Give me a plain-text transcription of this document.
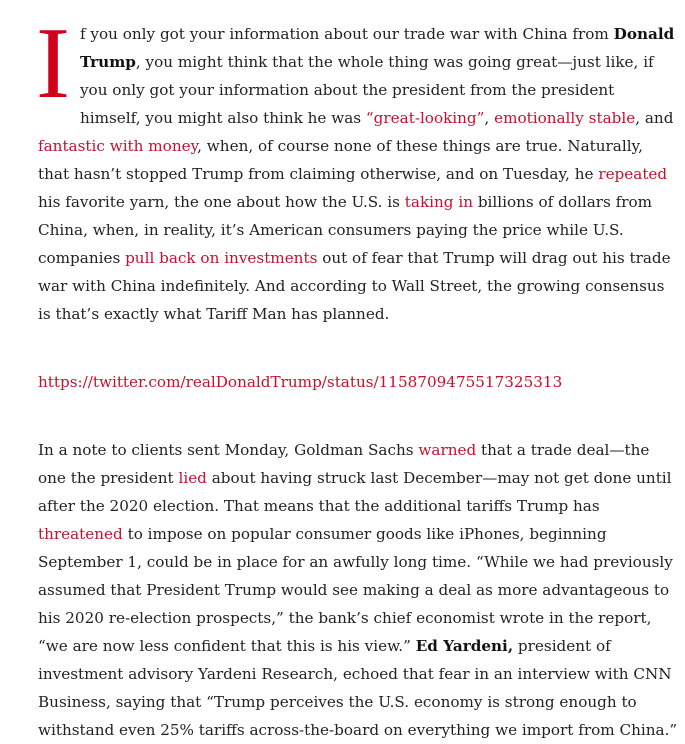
If you only got your information about our trade war with China from Donald Trump, you might think that the whole thing was going great—just like, if you only got your information about the president from the president himself, you might also think he was “great-looking”, emotionally stable, and fantastic with money, when, of course none of these things are true. Naturally, that hasn’t stopped Trump from claiming otherwise, and on Tuesday, he repeated his favorite yarn, the one about how the U.S. is taking in billions of dollars from China, when, in reality, it’s American consumers paying the price while U.S. companies pull back on investments out of fear that Trump will drag out his trade war with China indefinitely. And according to Wall Street, the growing consensus is that’s exactly what Tariff Man has planned.

https://twitter.com/realDonaldTrump/status/1158709475517325313

In a note to clients sent Monday, Goldman Sachs warned that a trade deal—the one the president lied about having struck last December—may not get done until after the 2020 election. That means that the additional tariffs Trump has threatened to impose on popular consumer goods like iPhones, beginning September 1, could be in place for an awfully long time. “While we had previously assumed that President Trump would see making a deal as more advantageous to his 2020 re-election prospects,” the bank’s chief economist wrote in the report, “we are now less confident that this is his view.” Ed Yardeni, president of investment advisory Yardeni Research, echoed that fear in an interview with CNN Business, saying that “Trump perceives the U.S. economy is strong enough to withstand even 25% tariffs across-the-board on everything we import from China.”
